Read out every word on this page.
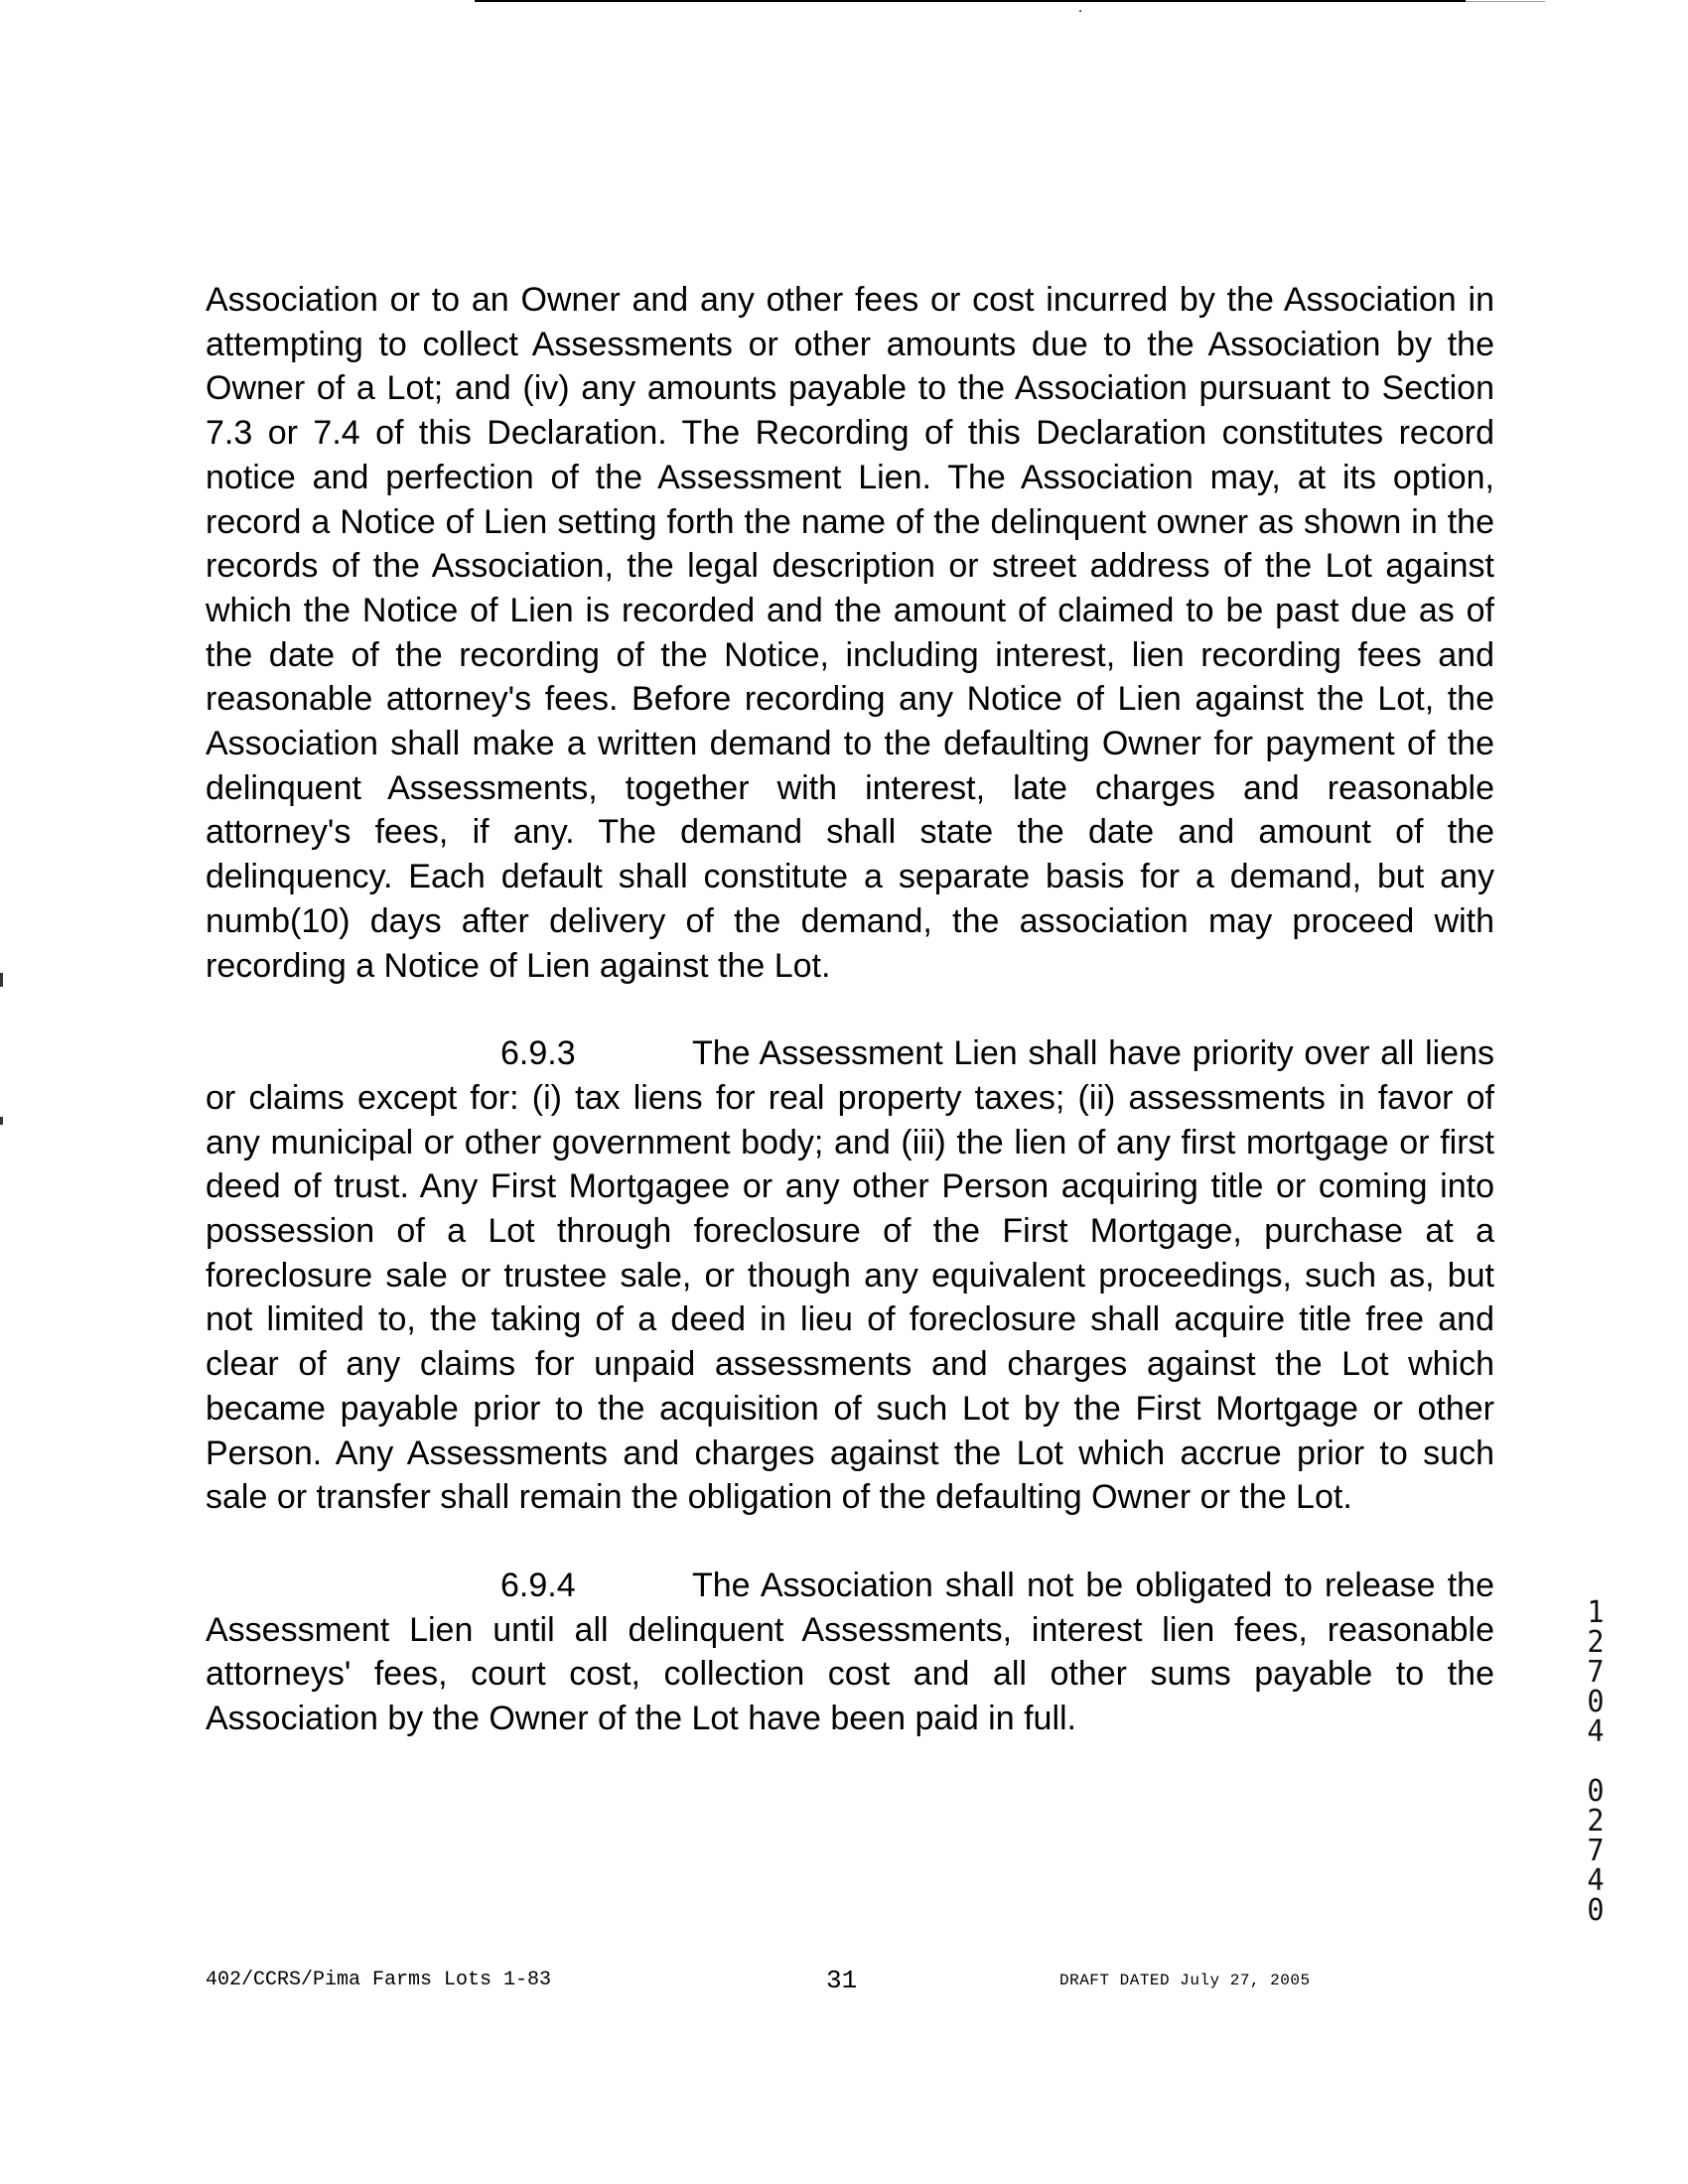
Association or to an Owner and any other fees or cost incurred by the Association in attempting to collect Assessments or other amounts due to the Association by the Owner of a Lot; and (iv) any amounts payable to the Association pursuant to Section 7.3 or 7.4 of this Declaration. The Recording of this Declaration constitutes record notice and perfection of the Assessment Lien. The Association may, at its option, record a Notice of Lien setting forth the name of the delinquent owner as shown in the records of the Association, the legal description or street address of the Lot against which the Notice of Lien is recorded and the amount of claimed to be past due as of the date of the recording of the Notice, including interest, lien recording fees and reasonable attorney's fees. Before recording any Notice of Lien against the Lot, the Association shall make a written demand to the defaulting Owner for payment of the delinquent Assessments, together with interest, late charges and reasonable attorney's fees, if any. The demand shall state the date and amount of the delinquency. Each default shall constitute a separate basis for a demand, but any numb(10) days after delivery of the demand, the association may proceed with recording a Notice of Lien against the Lot.

6.9.3	The Assessment Lien shall have priority over all liens or claims except for: (i) tax liens for real property taxes; (ii) assessments in favor of any municipal or other government body; and (iii) the lien of any first mortgage or first deed of trust. Any First Mortgagee or any other Person acquiring title or coming into possession of a Lot through foreclosure of the First Mortgage, purchase at a foreclosure sale or trustee sale, or though any equivalent proceedings, such as, but not limited to, the taking of a deed in lieu of foreclosure shall acquire title free and clear of any claims for unpaid assessments and charges against the Lot which became payable prior to the acquisition of such Lot by the First Mortgage or other Person. Any Assessments and charges against the Lot which accrue prior to such sale or transfer shall remain the obligation of the defaulting Owner or the Lot.

6.9.4	The Association shall not be obligated to release the Assessment Lien until all delinquent Assessments, interest lien fees, reasonable attorneys' fees, court cost, collection cost and all other sums payable to the Association by the Owner of the Lot have been paid in full.

1
2
7
0
4
0
2
7
4
0
402/CCRS/Pima Farms Lots 1-83	31	DRAFT DATED July 27, 2005
